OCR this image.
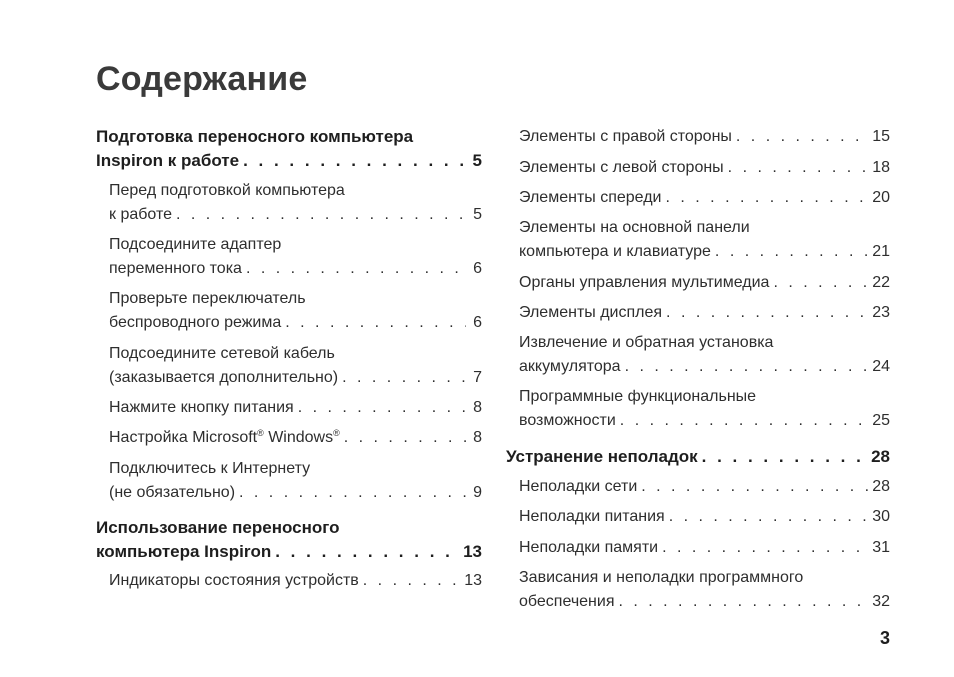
Содержание
Подготовка переносного компьютера
Inspiron к работе . . .	5
Перед подготовкой компьютера
к работе . . .	5
Подсоедините адаптер
переменного тока . . .	6
Проверьте переключатель
беспроводного режима . . .	6
Подсоедините сетевой кабель
(заказывается дополнительно) . . .	7
Нажмите кнопку питания . . .	8
Настройка Microsoft® Windows® . . .	8
Подключитесь к Интернету
(не обязательно) . . .	9
Использование переносного
компьютера Inspiron . . .	13
Индикаторы состояния устройств . . .	13
Элементы с правой стороны . . .	15
Элементы с левой стороны . . .	18
Элементы спереди . . .	20
Элементы на основной панели
компьютера и клавиатуре . . .	21
Органы управления мультимедиа . . .	22
Элементы дисплея . . .	23
Извлечение и обратная установка
аккумулятора . . .	24
Программные функциональные
возможности . . .	25
Устранение неполадок . . .	28
Неполадки сети . . .	28
Неполадки питания . . .	30
Неполадки памяти . . .	31
Зависания и неполадки программного
обеспечения . . .	32
3
